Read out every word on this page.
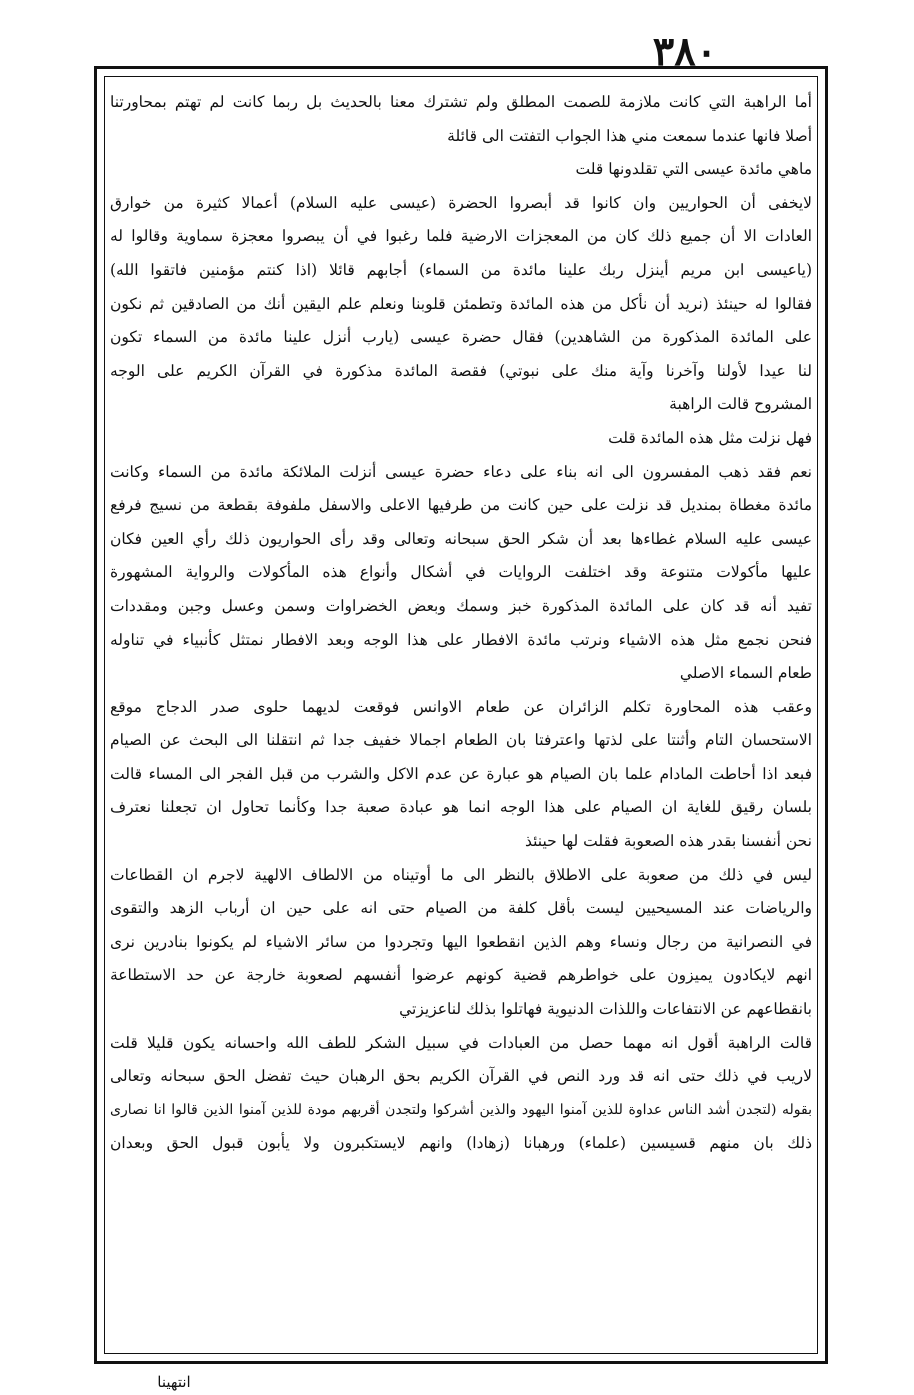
٣٨٠
أما الراهبة التي كانت ملازمة للصمت المطلق ولم تشترك معنا بالحديث بل ربما كانت لم تهتم بمحاورتنا
أصلا فانها عندما سمعت مني هذا الجواب التفتت الى قائلة
ماهي مائدة عيسى التي تقلدونها قلت
لايخفى أن الحواريين وان كانوا قد أبصروا الحضرة (عيسى عليه السلام) أعمالا كثيرة من خوارق
العادات الا أن جميع ذلك كان من المعجزات الارضية فلما رغبوا في أن يبصروا معجزة سماوية وقالوا له
(ياعيسى ابن مريم أينزل ربك علينا مائدة من السماء) أجابهم قائلا (اذا كنتم مؤمنين فاتقوا الله)
فقالوا له حينئذ (نريد أن نأكل من هذه المائدة وتطمئن قلوبنا ونعلم علم اليقين أنك من الصادقين ثم نكون
على المائدة المذكورة من الشاهدين) فقال حضرة عيسى (يارب أنزل علينا مائدة من السماء تكون
لنا عيدا لأولنا وآخرنا وآية منك على نبوتي) فقصة المائدة مذكورة في القرآن الكريم على الوجه
المشروح قالت الراهبة
فهل نزلت مثل هذه المائدة قلت
نعم فقد ذهب المفسرون الى انه بناء على دعاء حضرة عيسى أنزلت الملائكة مائدة من السماء وكانت
مائدة مغطاة بمنديل قد نزلت على حين كانت من طرفيها الاعلى والاسفل ملفوفة بقطعة من نسيج فرفع
عيسى عليه السلام غطاءها بعد أن شكر الحق سبحانه وتعالى وقد رأى الحواريون ذلك رأي العين فكان
عليها مأكولات متنوعة وقد اختلفت الروايات في أشكال وأنواع هذه المأكولات والرواية المشهورة
تفيد أنه قد كان على المائدة المذكورة خبز وسمك وبعض الخضراوات وسمن وعسل وجبن ومقددات
فنحن نجمع مثل هذه الاشياء ونرتب مائدة الافطار على هذا الوجه وبعد الافطار نمتثل كأنبياء في تناوله
طعام السماء الاصلي
وعقب هذه المحاورة تكلم الزائران عن طعام الاوانس فوقعت لديهما حلوى صدر الدجاج موقع
الاستحسان التام وأثنتا على لذتها واعترفتا بان الطعام اجمالا خفيف جدا ثم انتقلنا الى البحث عن الصيام
فبعد اذا أحاطت المادام علما بان الصيام هو عبارة عن عدم الاكل والشرب من قبل الفجر الى المساء قالت
بلسان رقيق للغاية ان الصيام على هذا الوجه انما هو عبادة صعبة جدا وكأنما تحاول ان تجعلنا نعترف
نحن أنفسنا بقدر هذه الصعوبة فقلت لها حينئذ
ليس في ذلك من صعوبة على الاطلاق بالنظر الى ما أوتيناه من الالطاف الالهية لاجرم ان القطاعات
والرياضات عند المسيحيين ليست بأقل كلفة من الصيام حتى انه على حين ان أرباب الزهد والتقوى
في النصرانية من رجال ونساء وهم الذين انقطعوا اليها وتجردوا من سائر الاشياء لم يكونوا بنادرين نرى
انهم لايكادون يميزون على خواطرهم قضية كونهم عرضوا أنفسهم لصعوبة خارجة عن حد الاستطاعة
بانقطاعهم عن الانتفاعات واللذات الدنيوية فهاتلوا بذلك لناعزيزتي
قالت الراهبة أقول انه مهما حصل من العبادات في سبيل الشكر للطف الله واحسانه يكون قليلا قلت
لاريب في ذلك حتى انه قد ورد النص في القرآن الكريم بحق الرهبان حيث تفضل الحق سبحانه وتعالى
بقوله (لتجدن أشد الناس عداوة للذين آمنوا اليهود والذين أشركوا ولتجدن أقربهم مودة للذين آمنوا الذين قالوا انا نصارى
ذلك بان منهم قسيسين (علماء) ورهبانا (زهادا) وانهم لايستكبرون ولا يأبون قبول الحق وبعدان
انتهينا
